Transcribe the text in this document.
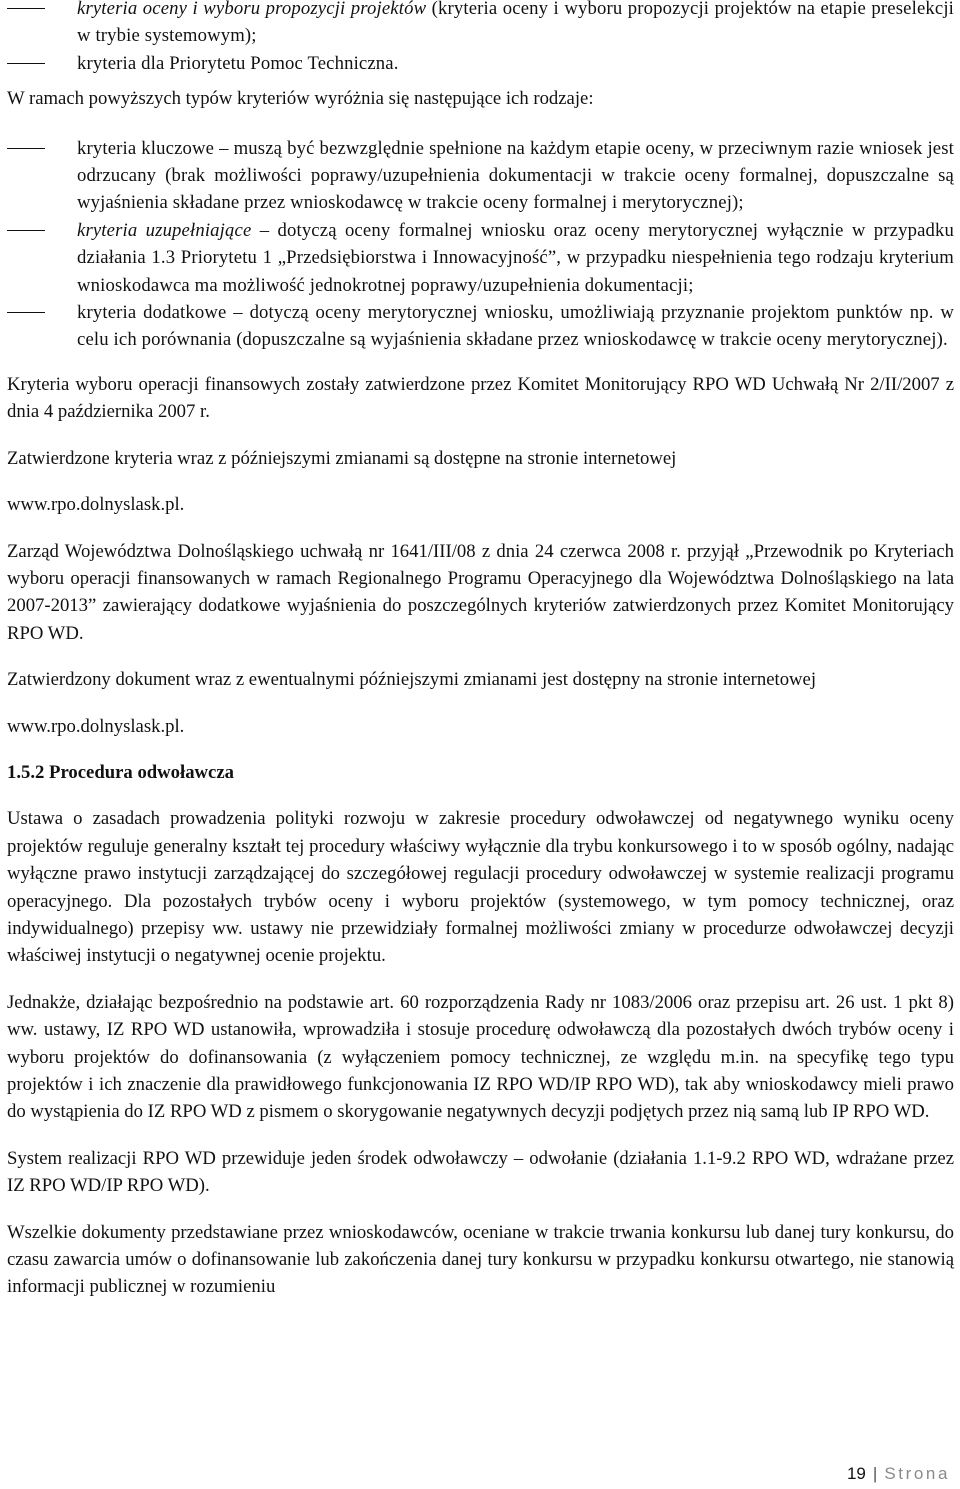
kryteria oceny i wyboru propozycji projektów (kryteria oceny i wyboru propozycji projektów na etapie preselekcji w trybie systemowym);
kryteria dla Priorytetu Pomoc Techniczna.

W ramach powyższych typów kryteriów wyróżnia się następujące ich rodzaje:

kryteria kluczowe – muszą być bezwzględnie spełnione na każdym etapie oceny, w przeciwnym razie wniosek jest odrzucany (brak możliwości poprawy/uzupełnienia dokumentacji w trakcie oceny formalnej, dopuszczalne są wyjaśnienia składane przez wnioskodawcę w trakcie oceny formalnej i merytorycznej);
kryteria uzupełniające – dotyczą oceny formalnej wniosku oraz oceny merytorycznej wyłącznie w przypadku działania 1.3 Priorytetu 1 „Przedsiębiorstwa i Innowacyjność”, w przypadku niespełnienia tego rodzaju kryterium wnioskodawca ma możliwość jednokrotnej poprawy/uzupełnienia dokumentacji;
kryteria dodatkowe – dotyczą oceny merytorycznej wniosku, umożliwiają przyznanie projektom punktów np. w celu ich porównania (dopuszczalne są wyjaśnienia składane przez wnioskodawcę w trakcie oceny merytorycznej).

Kryteria wyboru operacji finansowych zostały zatwierdzone przez Komitet Monitorujący RPO WD Uchwałą Nr 2/II/2007 z dnia 4 października 2007 r.

Zatwierdzone kryteria wraz z późniejszymi zmianami są dostępne na stronie internetowej

www.rpo.dolnyslask.pl.

Zarząd Województwa Dolnośląskiego uchwałą nr 1641/III/08 z dnia 24 czerwca 2008 r. przyjął „Przewodnik po Kryteriach wyboru operacji finansowanych w ramach Regionalnego Programu Operacyjnego dla Województwa Dolnośląskiego na lata 2007-2013” zawierający dodatkowe wyjaśnienia do poszczególnych kryteriów zatwierdzonych przez Komitet Monitorujący RPO WD.

Zatwierdzony dokument wraz z ewentualnymi późniejszymi zmianami jest dostępny na stronie internetowej

www.rpo.dolnyslask.pl.

1.5.2 Procedura odwoławcza

Ustawa o zasadach prowadzenia polityki rozwoju w zakresie procedury odwoławczej od negatywnego wyniku oceny projektów reguluje generalny kształt tej procedury właściwy wyłącznie dla trybu konkursowego i to w sposób ogólny, nadając wyłączne prawo instytucji zarządzającej do szczegółowej regulacji procedury odwoławczej w systemie realizacji programu operacyjnego. Dla pozostałych trybów oceny i wyboru projektów (systemowego, w tym pomocy technicznej, oraz indywidualnego) przepisy ww. ustawy nie przewidziały formalnej możliwości zmiany w procedurze odwoławczej decyzji właściwej instytucji o negatywnej ocenie projektu.

Jednakże, działając bezpośrednio na podstawie art. 60 rozporządzenia Rady nr 1083/2006 oraz przepisu art. 26 ust. 1 pkt 8) ww. ustawy, IZ RPO WD ustanowiła, wprowadziła i stosuje procedurę odwoławczą dla pozostałych dwóch trybów oceny i wyboru projektów do dofinansowania (z wyłączeniem pomocy technicznej, ze względu m.in. na specyfikę tego typu projektów i ich znaczenie dla prawidłowego funkcjonowania IZ RPO WD/IP RPO WD), tak aby wnioskodawcy mieli prawo do wystąpienia do IZ RPO WD z pismem o skorygowanie negatywnych decyzji podjętych przez nią samą lub IP RPO WD.

System realizacji RPO WD przewiduje jeden środek odwoławczy – odwołanie (działania 1.1-9.2 RPO WD, wdrażane przez IZ RPO WD/IP RPO WD).

Wszelkie dokumenty przedstawiane przez wnioskodawców, oceniane w trakcie trwania konkursu lub danej tury konkursu, do czasu zawarcia umów o dofinansowanie lub zakończenia danej tury konkursu w przypadku konkursu otwartego, nie stanowią informacji publicznej w rozumieniu

19 | Strona
